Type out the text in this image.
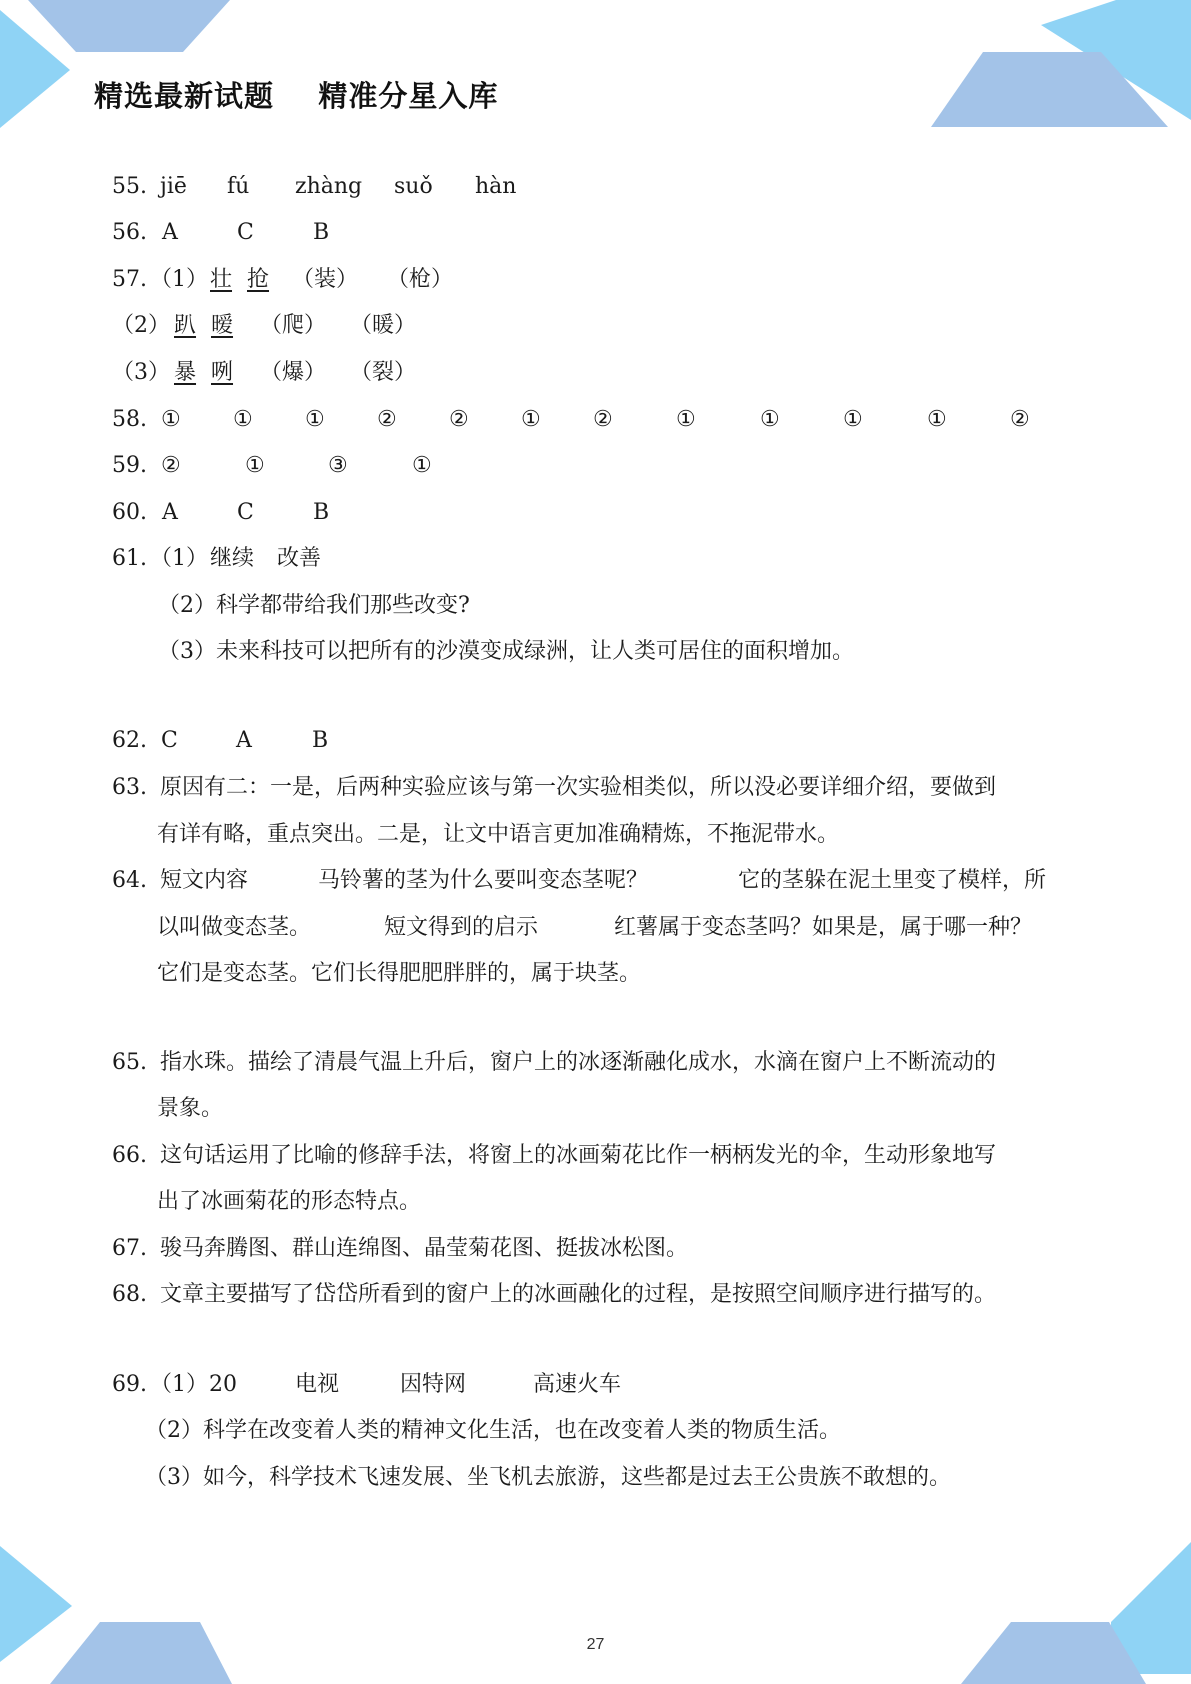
精选最新试题    精准分星入库
55. jiē fú zhàng suǒ hàn
56. A	C	B
57. （1） 壮 抢 （装） （枪）
（2） 趴 暧 （爬） （暖）
（3） 暴 咧 （爆） （裂）
58. ① ① ① ② ② ① ②	①	①	①	①	②
59. ②	①	③	①
60. A	C	B
61. （1） 继续 改善
（2）科学都带给我们那些改变?
（3）未来科技可以把所有的沙漠变成绿洲，让人类可居住的面积增加。
62. C	A	B
63. 原因有二：一是，后两种实验应该与第一次实验相类似，所以没必要详细介绍，要做到
有详有略，重点突出。二是，让文中语言更加准确精炼，不拖泥带水。
64. 短文内容	马铃薯的茎为什么要叫变态茎呢？	它的茎躲在泥土里变了模样，所
以叫做变态茎。	短文得到的启示	红薯属于变态茎吗？如果是，属于哪一种？
它们是变态茎。它们长得肥肥胖胖的，属于块茎。
65. 指水珠。描绘了清晨气温上升后，窗户上的冰逐渐融化成水，水滴在窗户上不断流动的
景象。
66. 这句话运用了比喻的修辞手法，将窗上的冰画菊花比作一柄柄发光的伞，生动形象地写
出了冰画菊花的形态特点。
67. 骏马奔腾图、群山连绵图、晶莹菊花图、挺拔冰松图。
68. 文章主要描写了岱岱所看到的窗户上的冰画融化的过程，是按照空间顺序进行描写的。
69. （1） 20	电视	因特网	高速火车
（2）科学在改变着人类的精神文化生活，也在改变着人类的物质生活。
（3）如今，科学技术飞速发展、坐飞机去旅游，这些都是过去王公贵族不敢想的。
27
